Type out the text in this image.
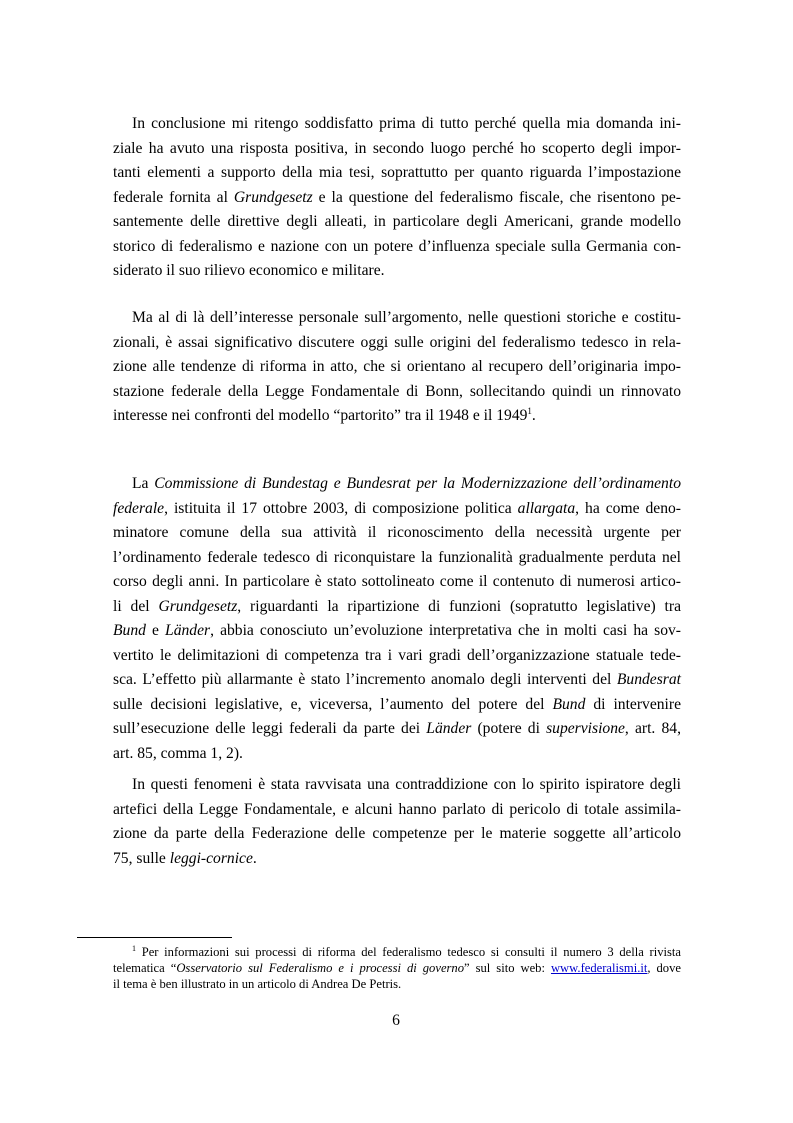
In conclusione mi ritengo soddisfatto prima di tutto perché quella mia domanda ini-
ziale ha avuto una risposta positiva, in secondo luogo perché ho scoperto degli impor-
tanti elementi a supporto della mia tesi, soprattutto per quanto riguarda l’impostazione
federale fornita al Grundgesetz e la questione del federalismo fiscale, che risentono pe-
santemente delle direttive degli alleati, in particolare degli Americani, grande modello
storico di federalismo e nazione con un potere d’influenza speciale sulla Germania con-
siderato il suo rilievo economico e militare.
Ma al di là dell’interesse personale sull’argomento, nelle questioni storiche e costitu-
zionali, è assai significativo discutere oggi sulle origini del federalismo tedesco in rela-
zione alle tendenze di riforma in atto, che si orientano al recupero dell’originaria impo-
stazione federale della Legge Fondamentale di Bonn, sollecitando quindi un rinnovato
interesse nei confronti del modello “partorito” tra il 1948 e il 1949$^1$.
La Commissione di Bundestag e Bundesrat per la Modernizzazione dell’ordinamento
federale, istituita il 17 ottobre 2003, di composizione politica allargata, ha come deno-
minatore comune della sua attività il riconoscimento della necessità urgente per
l’ordinamento federale tedesco di riconquistare la funzionalità gradualmente perduta nel
corso degli anni. In particolare è stato sottolineato come il contenuto di numerosi artico-
li del Grundgesetz, riguardanti la ripartizione di funzioni (sopratutto legislative) tra
Bund e Länder, abbia conosciuto un’evoluzione interpretativa che in molti casi ha sov-
vertito le delimitazioni di competenza tra i vari gradi dell’organizzazione statuale tede-
sca. L’effetto più allarmante è stato l’incremento anomalo degli interventi del Bundesrat
sulle decisioni legislative, e, viceversa, l’aumento del potere del Bund di intervenire
sull’esecuzione delle leggi federali da parte dei Länder (potere di supervisione, art. 84,
art. 85, comma 1, 2).
In questi fenomeni è stata ravvisata una contraddizione con lo spirito ispiratore degli
artefici della Legge Fondamentale, e alcuni hanno parlato di pericolo di totale assimila-
zione da parte della Federazione delle competenze per le materie soggette all’articolo
75, sulle leggi-cornice.
$^1$ Per informazioni sui processi di riforma del federalismo tedesco si consulti il numero 3 della rivista
telematica “Osservatorio sul Federalismo e i processi di governo” sul sito web: www.federalismi.it, dove
il tema è ben illustrato in un articolo di Andrea De Petris.
6
